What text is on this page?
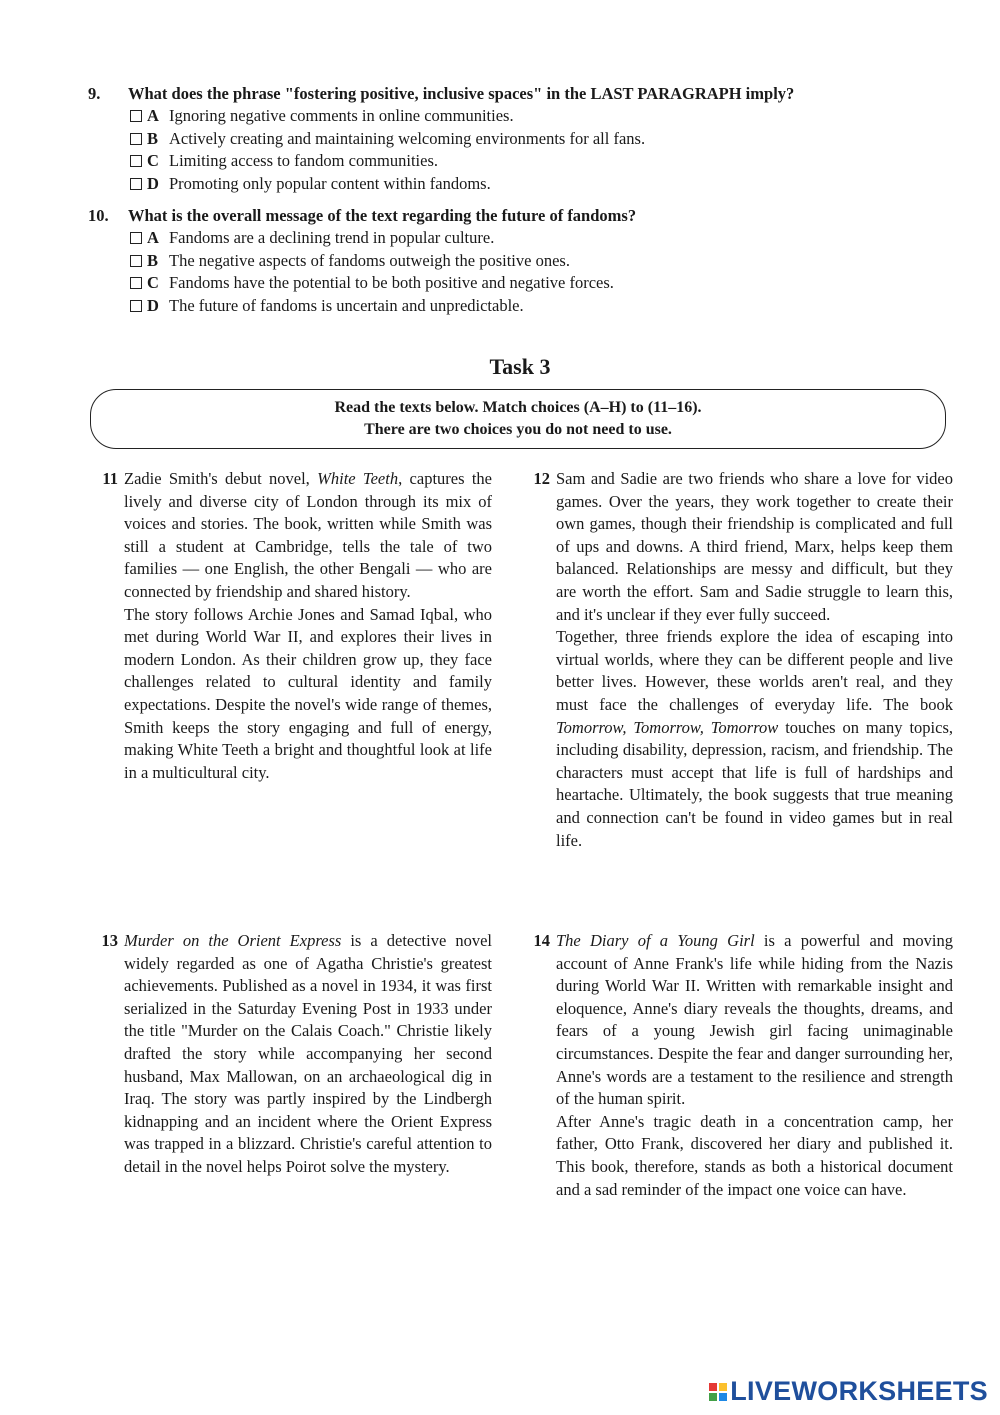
9.	What does the phrase "fostering positive, inclusive spaces" in the LAST PARAGRAPH imply?
A Ignoring negative comments in online communities.
B Actively creating and maintaining welcoming environments for all fans.
C Limiting access to fandom communities.
D Promoting only popular content within fandoms.
10.	What is the overall message of the text regarding the future of fandoms?
A Fandoms are a declining trend in popular culture.
B The negative aspects of fandoms outweigh the positive ones.
C Fandoms have the potential to be both positive and negative forces.
D The future of fandoms is uncertain and unpredictable.
Task 3
Read the texts below. Match choices (A–H) to (11–16).
There are two choices you do not need to use.
11 Zadie Smith's debut novel, White Teeth, captures the lively and diverse city of London through its mix of voices and stories. The book, written while Smith was still a student at Cambridge, tells the tale of two families — one English, the other Bengali — who are connected by friendship and shared history.

The story follows Archie Jones and Samad Iqbal, who met during World War II, and explores their lives in modern London. As their children grow up, they face challenges related to cultural identity and family expectations. Despite the novel's wide range of themes, Smith keeps the story engaging and full of energy, making White Teeth a bright and thoughtful look at life in a multicultural city.

12 Sam and Sadie are two friends who share a love for video games. Over the years, they work together to create their own games, though their friendship is complicated and full of ups and downs. A third friend, Marx, helps keep them balanced. Relationships are messy and difficult, but they are worth the effort. Sam and Sadie struggle to learn this, and it's unclear if they ever fully succeed.

Together, three friends explore the idea of escaping into virtual worlds, where they can be different people and live better lives. However, these worlds aren't real, and they must face the challenges of everyday life. The book Tomorrow, Tomorrow, Tomorrow touches on many topics, including disability, depression, racism, and friendship. The characters must accept that life is full of hardships and heartache. Ultimately, the book suggests that true meaning and connection can't be found in video games but in real life.

13 Murder on the Orient Express is a detective novel widely regarded as one of Agatha Christie's greatest achievements. Published as a novel in 1934, it was first serialized in the Saturday Evening Post in 1933 under the title "Murder on the Calais Coach." Christie likely drafted the story while accompanying her second husband, Max Mallowan, on an archaeological dig in Iraq. The story was partly inspired by the Lindbergh kidnapping and an incident where the Orient Express was trapped in a blizzard. Christie's careful attention to detail in the novel helps Poirot solve the mystery.

14 The Diary of a Young Girl is a powerful and moving account of Anne Frank's life while hiding from the Nazis during World War II. Written with remarkable insight and eloquence, Anne's diary reveals the thoughts, dreams, and fears of a young Jewish girl facing unimaginable circumstances. Despite the fear and danger surrounding her, Anne's words are a testament to the resilience and strength of the human spirit.

After Anne's tragic death in a concentration camp, her father, Otto Frank, discovered her diary and published it. This book, therefore, stands as both a historical document and a sad reminder of the impact one voice can have.

LIVEWORKSHEETS
